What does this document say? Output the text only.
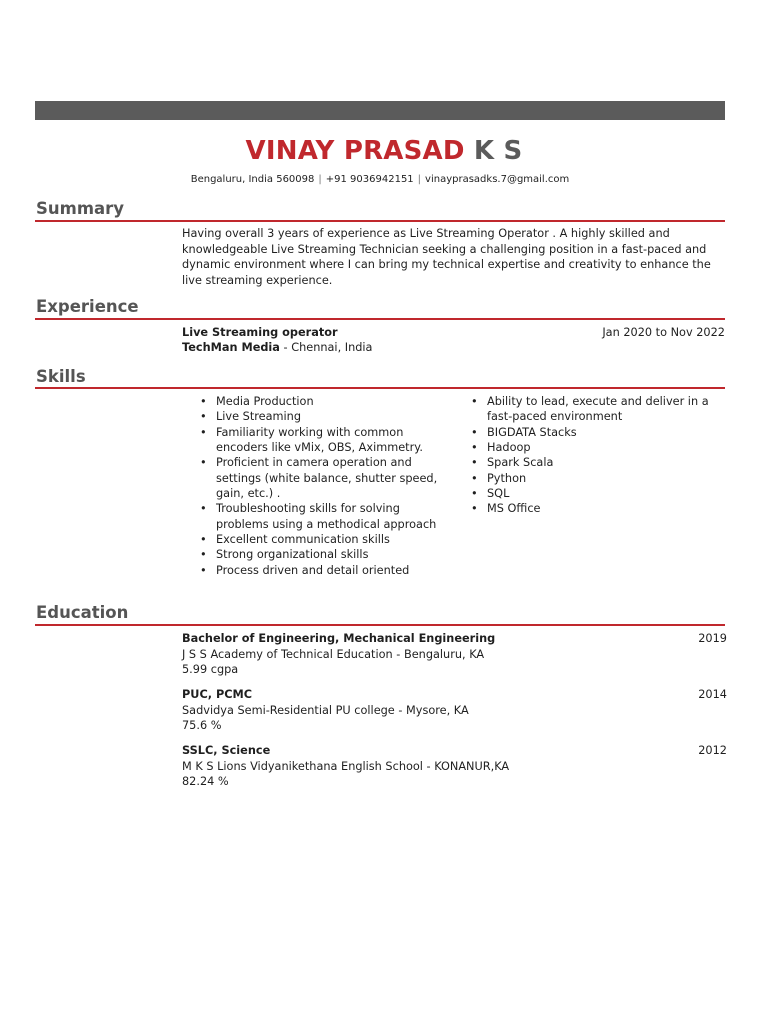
VINAY PRASAD K S
Bengaluru, India 560098 | +91 9036942151 | vinayprasadks.7@gmail.com
Summary
Having overall 3 years of experience as Live Streaming Operator . A highly skilled and knowledgeable Live Streaming Technician seeking a challenging position in a fast-paced and dynamic environment where I can bring my technical expertise and creativity to enhance the live streaming experience.
Experience
Live Streaming operator	Jan 2020 to Nov 2022
TechMan Media - Chennai, India
Skills
• Media Production
• Live Streaming
• Familiarity working with common encoders like vMix, OBS, Aximmetry.
• Proficient in camera operation and settings (white balance, shutter speed, gain, etc.) .
• Troubleshooting skills for solving problems using a methodical approach
• Excellent communication skills
• Strong organizational skills
• Process driven and detail oriented
• Ability to lead, execute and deliver in a fast-paced environment
• BIGDATA Stacks
• Hadoop
• Spark Scala
• Python
• SQL
• MS Office
Education
Bachelor of Engineering, Mechanical Engineering	2019
J S S Academy of Technical Education - Bengaluru, KA
5.99 cgpa
PUC, PCMC	2014
Sadvidya Semi-Residential PU college - Mysore, KA
75.6 %
SSLC, Science	2012
M K S Lions Vidyanikethana English School - KONANUR,KA
82.24 %
